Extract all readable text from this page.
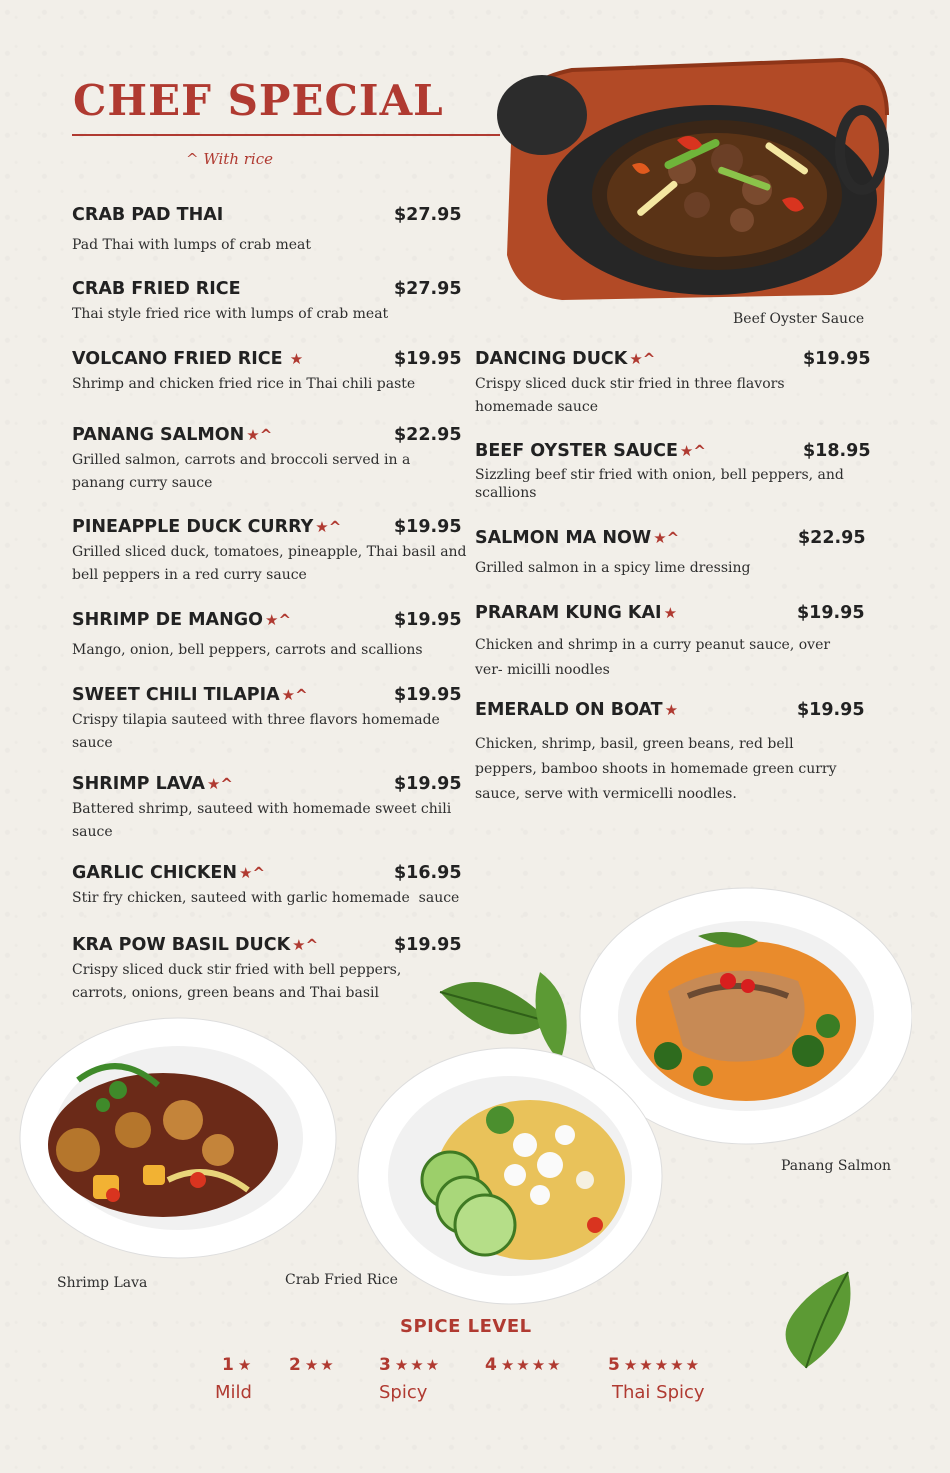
CHEF SPECIAL
^ With rice
Beef Oyster Sauce
CRAB PAD THAI	$27.95
Pad Thai with lumps of crab meat
CRAB FRIED RICE	$27.95
Thai style fried rice with lumps of crab meat
VOLCANO FRIED RICE ★	$19.95
Shrimp and chicken fried rice in Thai chili paste
PANANG SALMON ★^	$22.95
Grilled salmon, carrots and broccoli served in a panang curry sauce
PINEAPPLE DUCK CURRY ★^	$19.95
Grilled sliced duck, tomatoes, pineapple, Thai basil and bell peppers in a red curry sauce
SHRIMP DE MANGO ★^	$19.95
Mango, onion, bell peppers, carrots and scallions
SWEET CHILI TILAPIA ★^	$19.95
Crispy tilapia sauteed with three flavors homemade sauce
SHRIMP LAVA ★^	$19.95
Battered shrimp, sauteed with homemade sweet chili sauce
GARLIC CHICKEN ★^	$16.95
Stir fry chicken, sauteed with garlic homemade  sauce
KRA POW BASIL DUCK ★^	$19.95
Crispy sliced duck stir fried with bell peppers, carrots, onions, green beans and Thai basil
DANCING DUCK ★^	$19.95
Crispy sliced duck stir fried in three flavors homemade sauce
BEEF OYSTER SAUCE ★^	$18.95
Sizzling beef stir fried with onion, bell peppers, and scallions
SALMON MA NOW ★^	$22.95
Grilled salmon in a spicy lime dressing
PRARAM KUNG KAI ★	$19.95
Chicken and shrimp in a curry peanut sauce, over ver- micilli noodles
EMERALD ON BOAT ★	$19.95
Chicken, shrimp, basil, green beans, red bell peppers, bamboo shoots in homemade green curry sauce, serve with vermicelli noodles.
Panang Salmon
Shrimp Lava	Crab Fried Rice
SPICE LEVEL
1 ★ 2 ★★	3 ★★★	4 ★★★★	5 ★★★★★
Mild	Spicy	Thai Spicy
